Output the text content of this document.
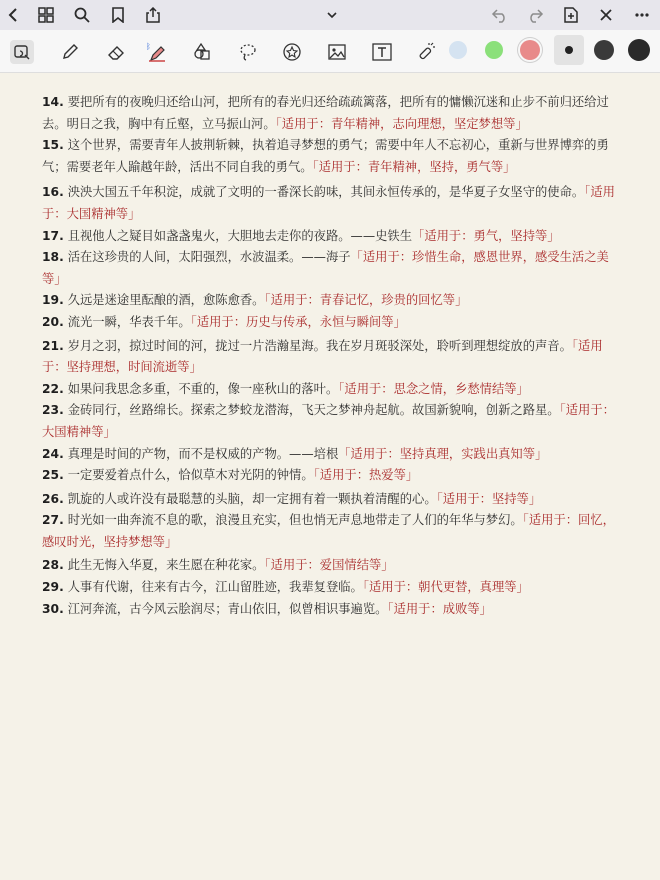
ᛒ

14. 要把所有的夜晚归还给山河，把所有的春光归还给疏疏篱落，把所有的慵懒沉迷和止步不前归还给过去。明日之我，胸中有丘壑，立马振山河。「适用于：青年精神，志向理想，坚定梦想等」

15. 这个世界，需要青年人披荆斩棘，执着追寻梦想的勇气；需要中年人不忘初心，重新与世界博弈的勇气；需要老年人踰越年龄，活出不同自我的勇气。「适用于：青年精神，坚持，勇气等」

16. 泱泱大国五千年积淀，成就了文明的一番深长韵味，其间永恒传承的，是华夏子女坚守的使命。「适用于：大国精神等」

17. 且视他人之疑目如盏盏鬼火，大胆地去走你的夜路。——史铁生「适用于：勇气，坚持等」

18. 活在这珍贵的人间，太阳强烈，水波温柔。——海子「适用于：珍惜生命，感恩世界，感受生活之美等」

19. 久远是迷途里酝酿的酒，愈陈愈香。「适用于：青春记忆，珍贵的回忆等」

20. 流光一瞬，华表千年。「适用于：历史与传承，永恒与瞬间等」

21. 岁月之羽，掠过时间的河，拢过一片浩瀚星海。我在岁月斑驳深处，聆听到理想绽放的声音。「适用于：坚持理想，时间流逝等」

22. 如果问我思念多重，不重的，像一座秋山的落叶。「适用于：思念之情，乡愁情结等」

23. 金砖同行，丝路绵长。探索之梦蛟龙潜海，飞天之梦神舟起航。故国新貌响，创新之路星。「适用于：大国精神等」

24. 真理是时间的产物，而不是权威的产物。——培根「适用于：坚持真理，实践出真知等」

25. 一定要爱着点什么，恰似草木对光阴的钟情。「适用于：热爱等」

26. 凯旋的人或许没有最聪慧的头脑，却一定拥有着一颗执着清醒的心。「适用于：坚持等」

27. 时光如一曲奔流不息的歌，浪漫且充实，但也悄无声息地带走了人们的年华与梦幻。「适用于：回忆，感叹时光，坚持梦想等」

28. 此生无悔入华夏，来生愿在种花家。「适用于：爱国情结等」

29. 人事有代谢，往来有古今，江山留胜迹，我辈复登临。「适用于：朝代更替，真理等」

30. 江河奔流，古今风云脍润尽；青山依旧，似曾相识事遍览。「适用于：成败等」
